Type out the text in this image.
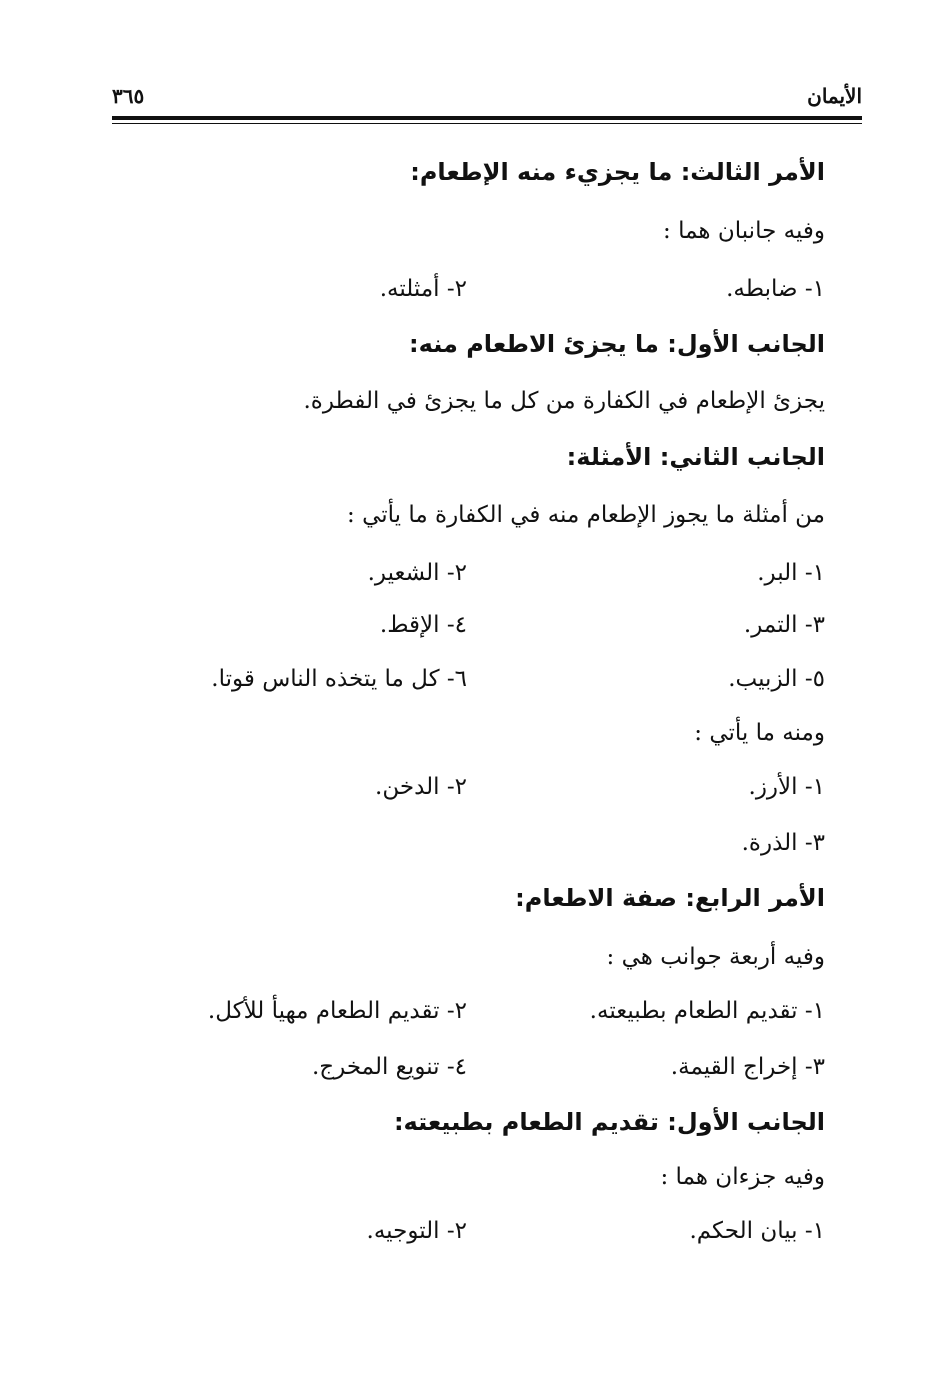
الأيمان
٣٦٥
الأمر الثالث: ما يجزيء منه الإطعام:
وفيه جانبان هما :
١- ضابطه.
٢- أمثلته.
الجانب الأول: ما يجزئ الاطعام منه:
يجزئ الإطعام في الكفارة من كل ما يجزئ في الفطرة.
الجانب الثاني: الأمثلة:
من أمثلة ما يجوز الإطعام منه في الكفارة ما يأتي :
١- البر.
٢- الشعير.
٣- التمر.
٤- الإقط.
٥- الزبيب.
٦- كل ما يتخذه الناس قوتا.
ومنه ما يأتي :
١- الأرز.
٢- الدخن.
٣- الذرة.
الأمر الرابع: صفة الاطعام:
وفيه أربعة جوانب هي :
١- تقديم الطعام بطبيعته.
٢- تقديم الطعام مهيأ للأكل.
٣- إخراج القيمة.
٤- تنويع المخرج.
الجانب الأول: تقديم الطعام بطبيعته:
وفيه جزءان هما :
١- بيان الحكم.
٢- التوجيه.
